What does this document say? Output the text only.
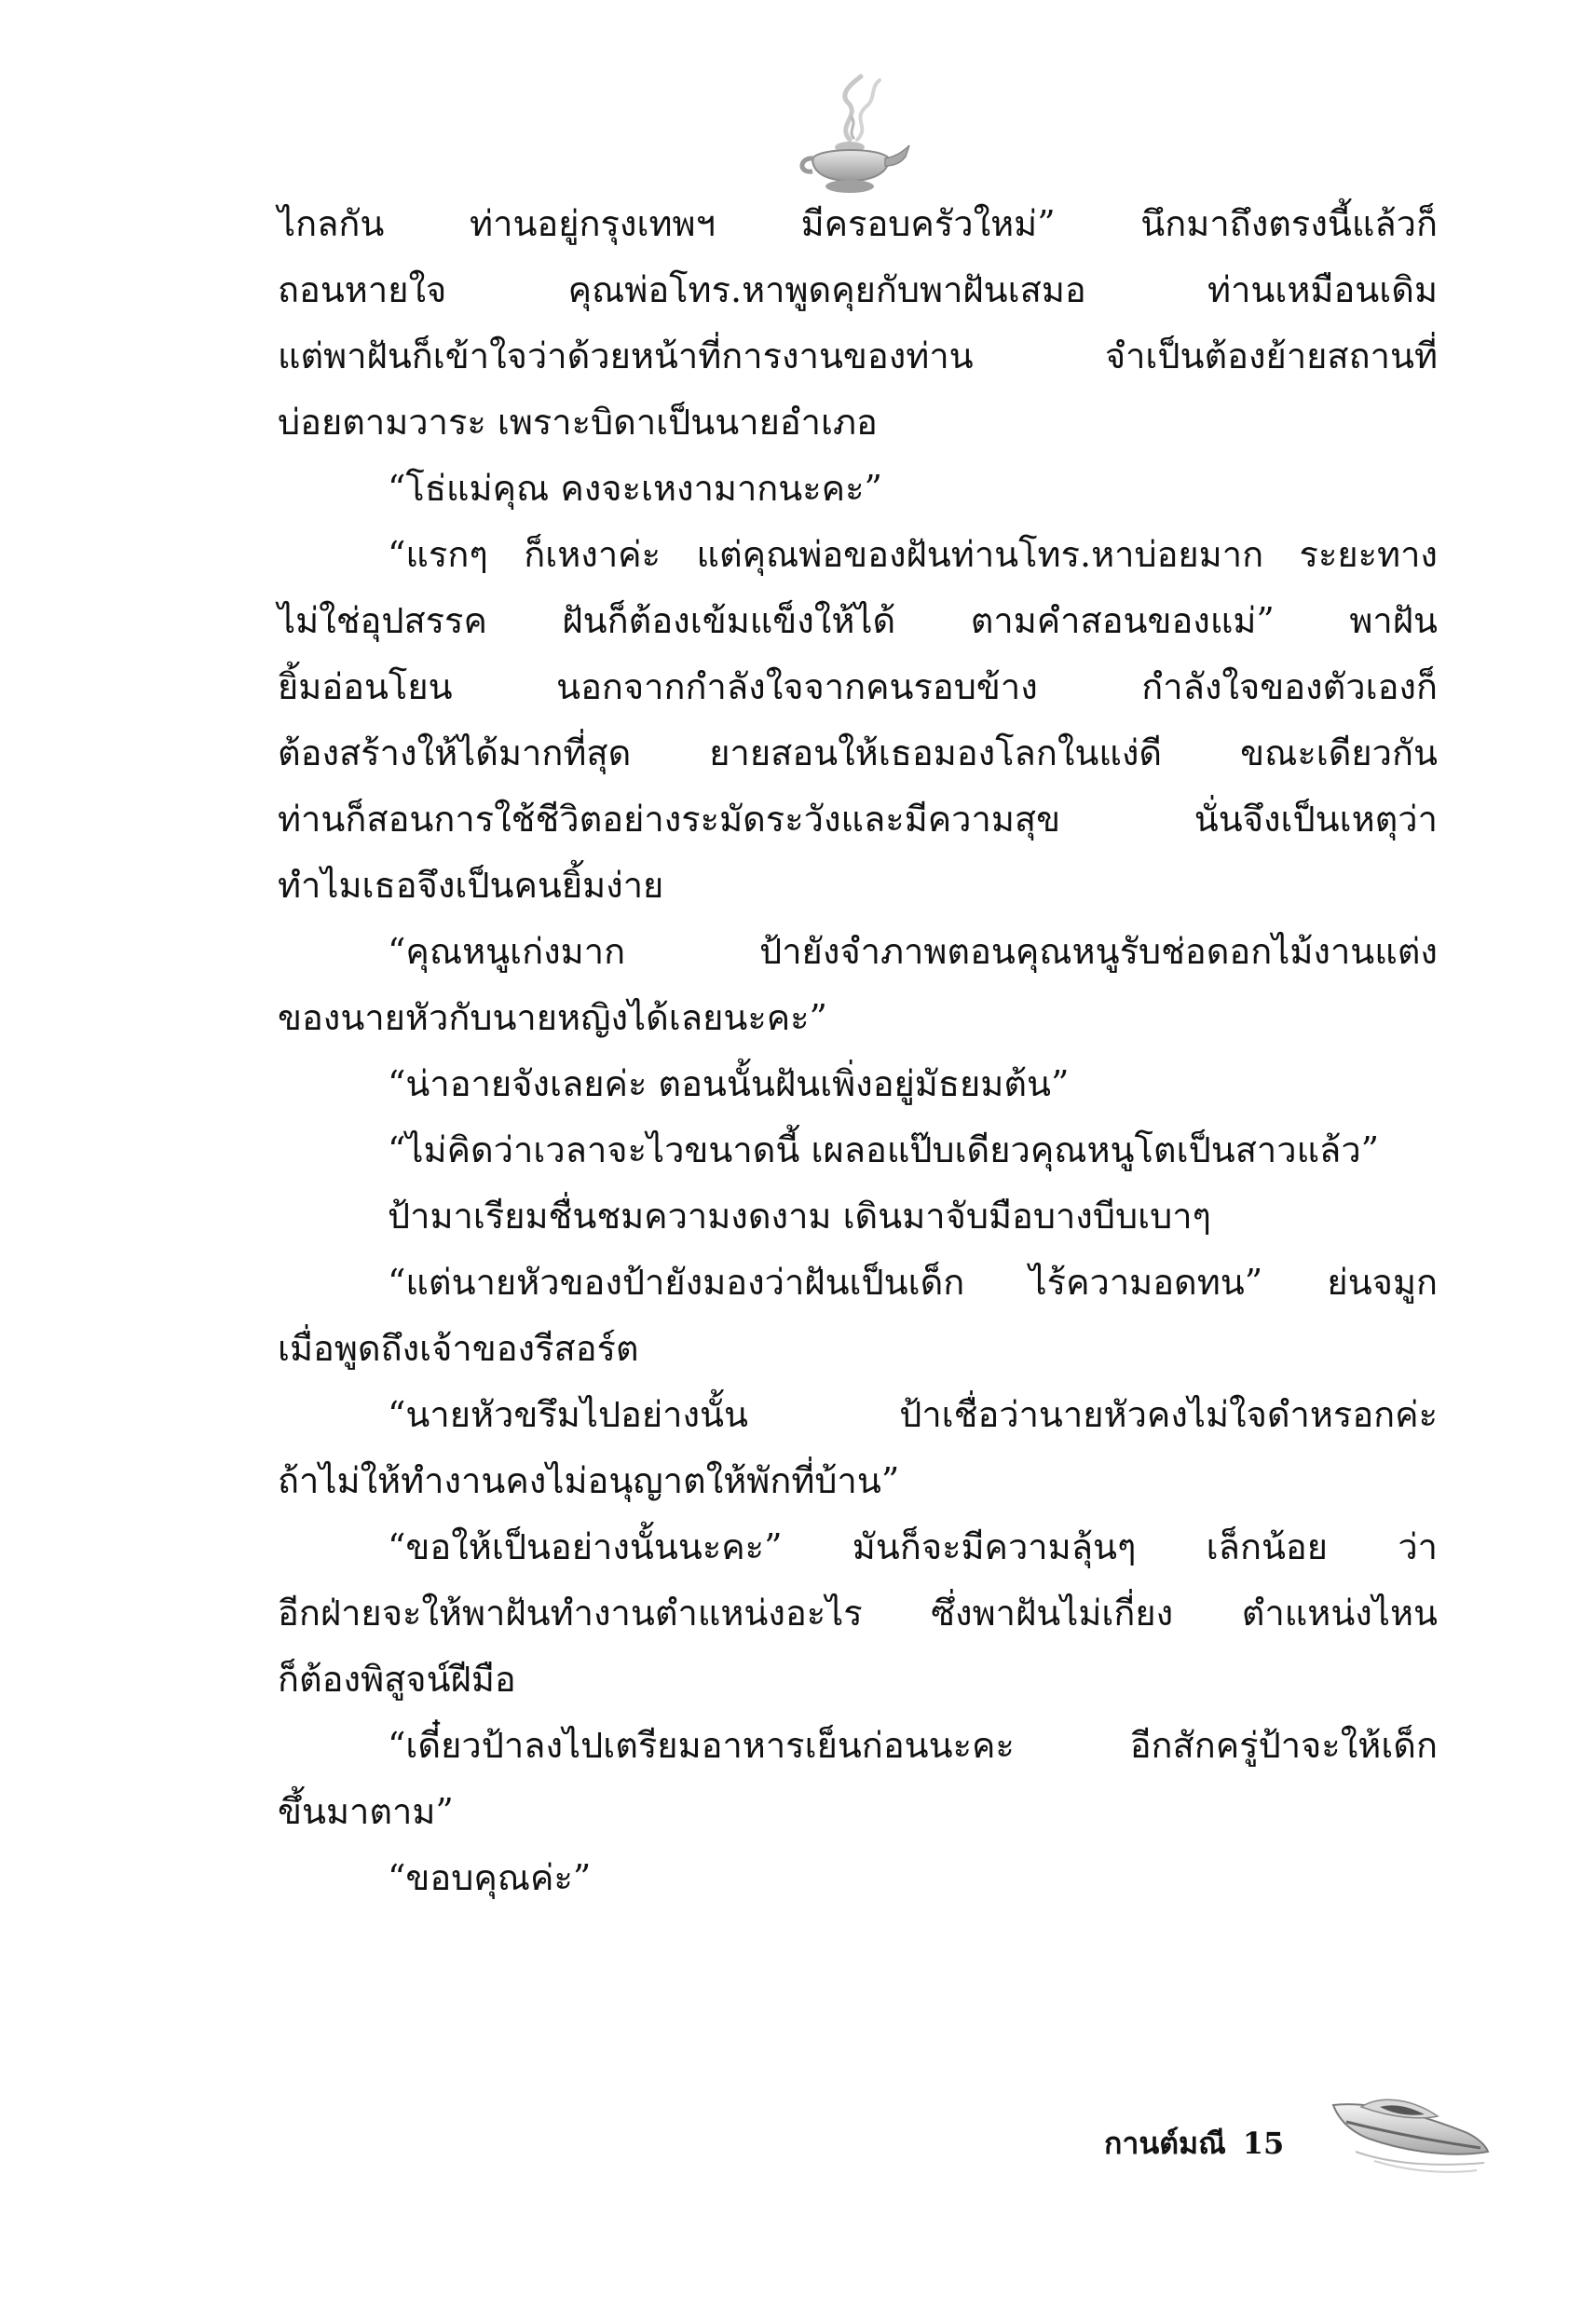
ไกลกัน ท่านอยู่กรุงเทพฯ มีครอบครัวใหม่” นึกมาถึงตรงนี้แล้วก็
ถอนหายใจ คุณพ่อโทร.หาพูดคุยกับพาฝันเสมอ ท่านเหมือนเดิม
แต่พาฝันก็เข้าใจว่าด้วยหน้าที่การงานของท่าน จำเป็นต้องย้ายสถานที่
บ่อยตามวาระ เพราะบิดาเป็นนายอำเภอ
“โธ่แม่คุณ คงจะเหงามากนะคะ”
“แรกๆ ก็เหงาค่ะ แต่คุณพ่อของฝันท่านโทร.หาบ่อยมาก ระยะทาง
ไม่ใช่อุปสรรค ฝันก็ต้องเข้มแข็งให้ได้ ตามคำสอนของแม่” พาฝัน
ยิ้มอ่อนโยน นอกจากกำลังใจจากคนรอบข้าง กำลังใจของตัวเองก็
ต้องสร้างให้ได้มากที่สุด ยายสอนให้เธอมองโลกในแง่ดี ขณะเดียวกัน
ท่านก็สอนการใช้ชีวิตอย่างระมัดระวังและมีความสุข นั่นจึงเป็นเหตุว่า
ทำไมเธอจึงเป็นคนยิ้มง่าย
“คุณหนูเก่งมาก ป้ายังจำภาพตอนคุณหนูรับช่อดอกไม้งานแต่ง
ของนายหัวกับนายหญิงได้เลยนะคะ”
“น่าอายจังเลยค่ะ ตอนนั้นฝันเพิ่งอยู่มัธยมต้น”
“ไม่คิดว่าเวลาจะไวขนาดนี้ เผลอแป๊บเดียวคุณหนูโตเป็นสาวแล้ว”
ป้ามาเรียมชื่นชมความงดงาม เดินมาจับมือบางบีบเบาๆ
“แต่นายหัวของป้ายังมองว่าฝันเป็นเด็ก ไร้ความอดทน” ย่นจมูก
เมื่อพูดถึงเจ้าของรีสอร์ต
“นายหัวขรึมไปอย่างนั้น ป้าเชื่อว่านายหัวคงไม่ใจดำหรอกค่ะ
ถ้าไม่ให้ทำงานคงไม่อนุญาตให้พักที่บ้าน”
“ขอให้เป็นอย่างนั้นนะคะ” มันก็จะมีความลุ้นๆ เล็กน้อย ว่า
อีกฝ่ายจะให้พาฝันทำงานตำแหน่งอะไร ซึ่งพาฝันไม่เกี่ยง ตำแหน่งไหน
ก็ต้องพิสูจน์ฝีมือ
“เดี๋ยวป้าลงไปเตรียมอาหารเย็นก่อนนะคะ อีกสักครู่ป้าจะให้เด็ก
ขึ้นมาตาม”
“ขอบคุณค่ะ”
กานต์มณี 15
